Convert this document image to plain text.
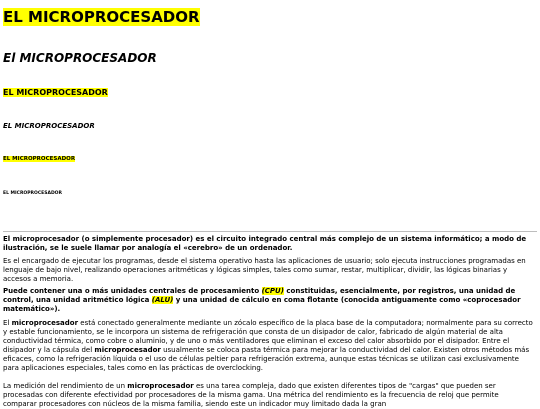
EL MICROPROCESADOR
El MICROPROCESADOR
EL MICROPROCESADOR
EL MICROPROCESADOR
EL MICROPROCESADOR
EL MICROPROCESADOR

El microprocesador (o simplemente procesador) es el circuito integrado central más complejo de un sistema informático; a modo de ilustración, se le suele llamar por analogía el «cerebro» de un ordenador.

Es el encargado de ejecutar los programas, desde el sistema operativo hasta las aplicaciones de usuario; solo ejecuta instrucciones programadas en lenguaje de bajo nivel, realizando operaciones aritméticas y lógicas simples, tales como sumar, restar, multiplicar, dividir, las lógicas binarias y accesos a memoria.

Puede contener una o más unidades centrales de procesamiento (CPU) constituidas, esencialmente, por registros, una unidad de control, una unidad aritmético lógica (ALU) y una unidad de cálculo en coma flotante (conocida antiguamente como «coprocesador matemático»).

El microprocesador está conectado generalmente mediante un zócalo específico de la placa base de la computadora; normalmente para su correcto y estable funcionamiento, se le incorpora un sistema de refrigeración que consta de un disipador de calor, fabricado de algún material de alta conductividad térmica, como cobre o aluminio, y de uno o más ventiladores que eliminan el exceso del calor absorbido por el disipador. Entre el disipador y la cápsula del microprocesador usualmente se coloca pasta térmica para mejorar la conductividad del calor. Existen otros métodos más eficaces, como la refrigeración líquida o el uso de células peltier para refrigeración extrema, aunque estas técnicas se utilizan casi exclusivamente para aplicaciones especiales, tales como en las prácticas de overclocking.

La medición del rendimiento de un microprocesador es una tarea compleja, dado que existen diferentes tipos de "cargas" que pueden ser procesadas con diferente efectividad por procesadores de la misma gama. Una métrica del rendimiento es la frecuencia de reloj que permite comparar procesadores con núcleos de la misma familia, siendo este un indicador muy limitado dada la gran
